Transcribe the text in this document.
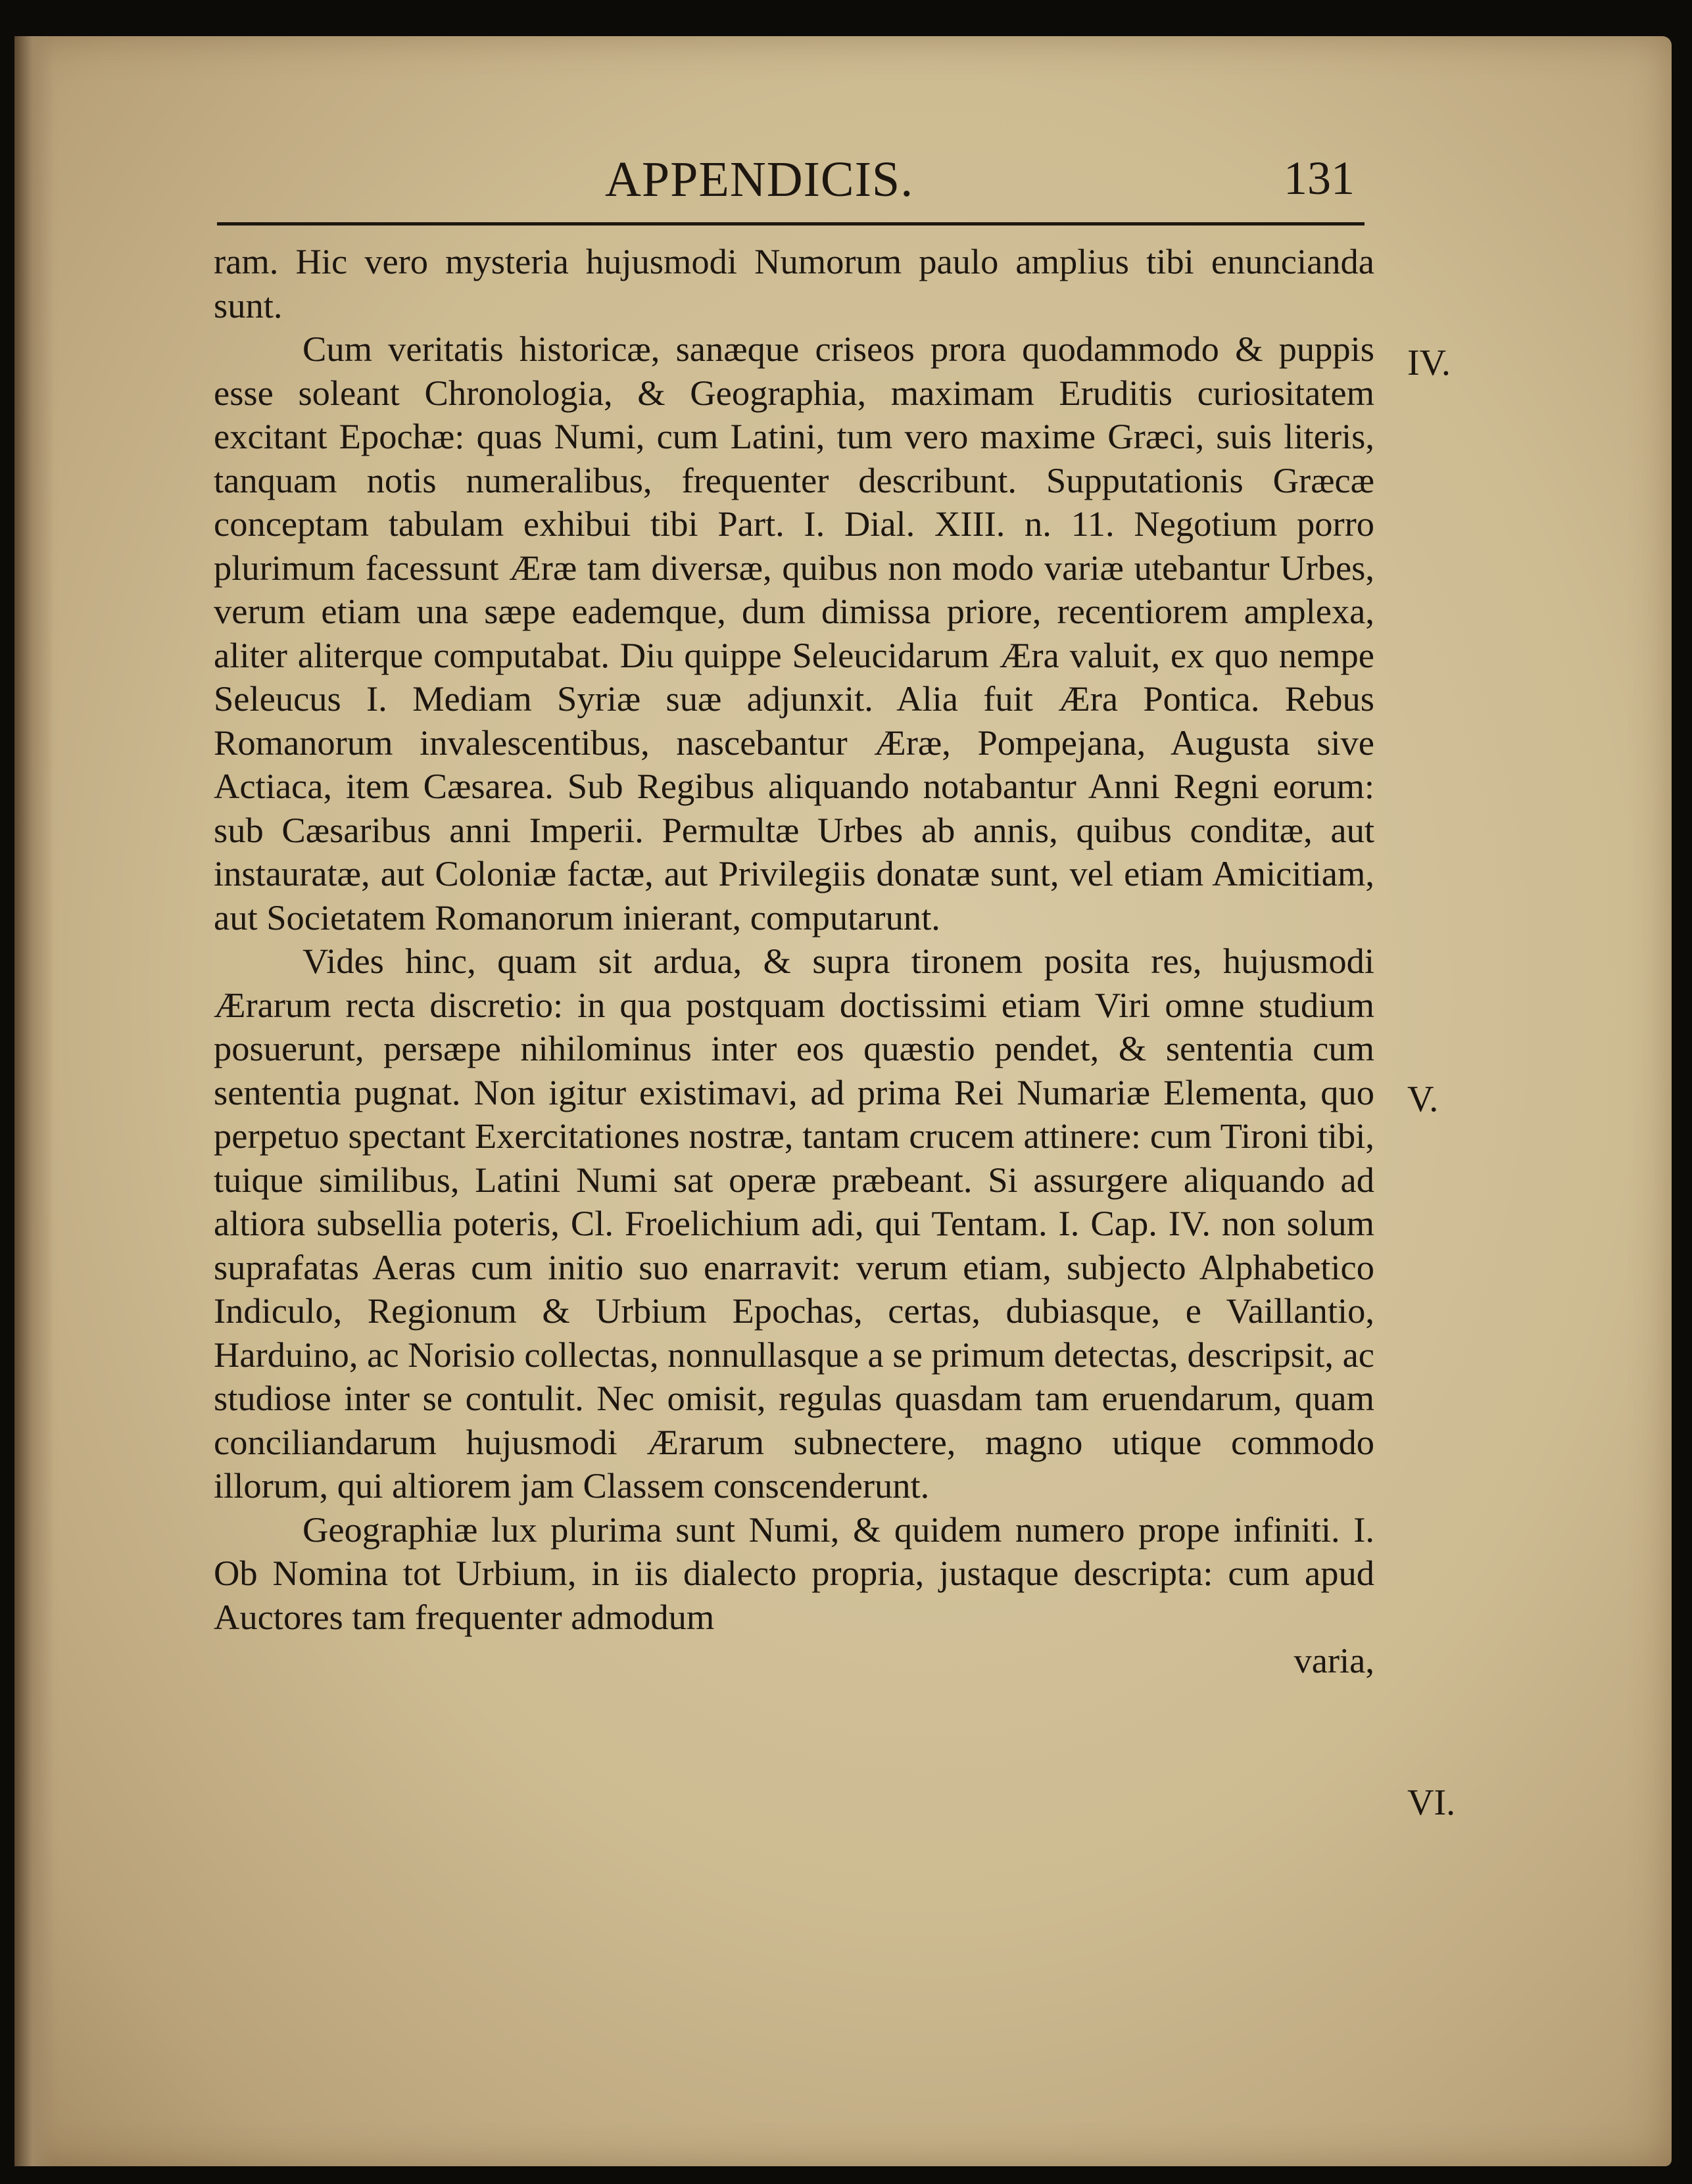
APPENDICIS.	131

ram. Hic vero mysteria hujusmodi Numorum paulo amplius tibi enuncianda sunt.

Cum veritatis historicæ, sanæque criseos prora quodammodo & puppis esse soleant Chronologia, & Geographia, maximam Eruditis curiositatem excitant Epochæ: quas Numi, cum Latini, tum vero maxime Græci, suis literis, tanquam notis numeralibus, frequenter describunt. Supputationis Græcæ conceptam tabulam exhibui tibi Part. I. Dial. XIII. n. 11. Negotium porro plurimum facessunt Æræ tam diversæ, quibus non modo variæ utebantur Urbes, verum etiam una sæpe eademque, dum dimissa priore, recentiorem amplexa, aliter aliterque computabat. Diu quippe Seleucidarum Æra valuit, ex quo nempe Seleucus I. Mediam Syriæ suæ adjunxit. Alia fuit Æra Pontica. Rebus Romanorum invalescentibus, nascebantur Æræ, Pompejana, Augusta sive Actiaca, item Cæsarea. Sub Regibus aliquando notabantur Anni Regni eorum: sub Cæsaribus anni Imperii. Permultæ Urbes ab annis, quibus conditæ, aut instauratæ, aut Coloniæ factæ, aut Privilegiis donatæ sunt, vel etiam Amicitiam, aut Societatem Romanorum inierant, computarunt.

Vides hinc, quam sit ardua, & supra tironem posita res, hujusmodi Ærarum recta discretio: in qua postquam doctissimi etiam Viri omne studium posuerunt, persæpe nihilominus inter eos quæstio pendet, & sententia cum sententia pugnat. Non igitur existimavi, ad prima Rei Numariæ Elementa, quo perpetuo spectant Exercitationes nostræ, tantam crucem attinere: cum Tironi tibi, tuique similibus, Latini Numi sat operæ præbeant. Si assurgere aliquando ad altiora subsellia poteris, Cl. Froelichium adi, qui Tentam. I. Cap. IV. non solum suprafatas Aeras cum initio suo enarravit: verum etiam, subjecto Alphabetico Indiculo, Regionum & Urbium Epochas, certas, dubiasque, e Vaillantio, Harduino, ac Norisio collectas, nonnullasque a se primum detectas, descripsit, ac studiose inter se contulit. Nec omisit, regulas quasdam tam eruendarum, quam conciliandarum hujusmodi Ærarum subnectere, magno utique commodo illorum, qui altiorem jam Classem conscenderunt.

Geographiæ lux plurima sunt Numi, & quidem numero prope infiniti. I. Ob Nomina tot Urbium, in iis dialecto propria, justaque descripta: cum apud Auctores tam frequenter admodum

varia,

IV.
V.
VI.
